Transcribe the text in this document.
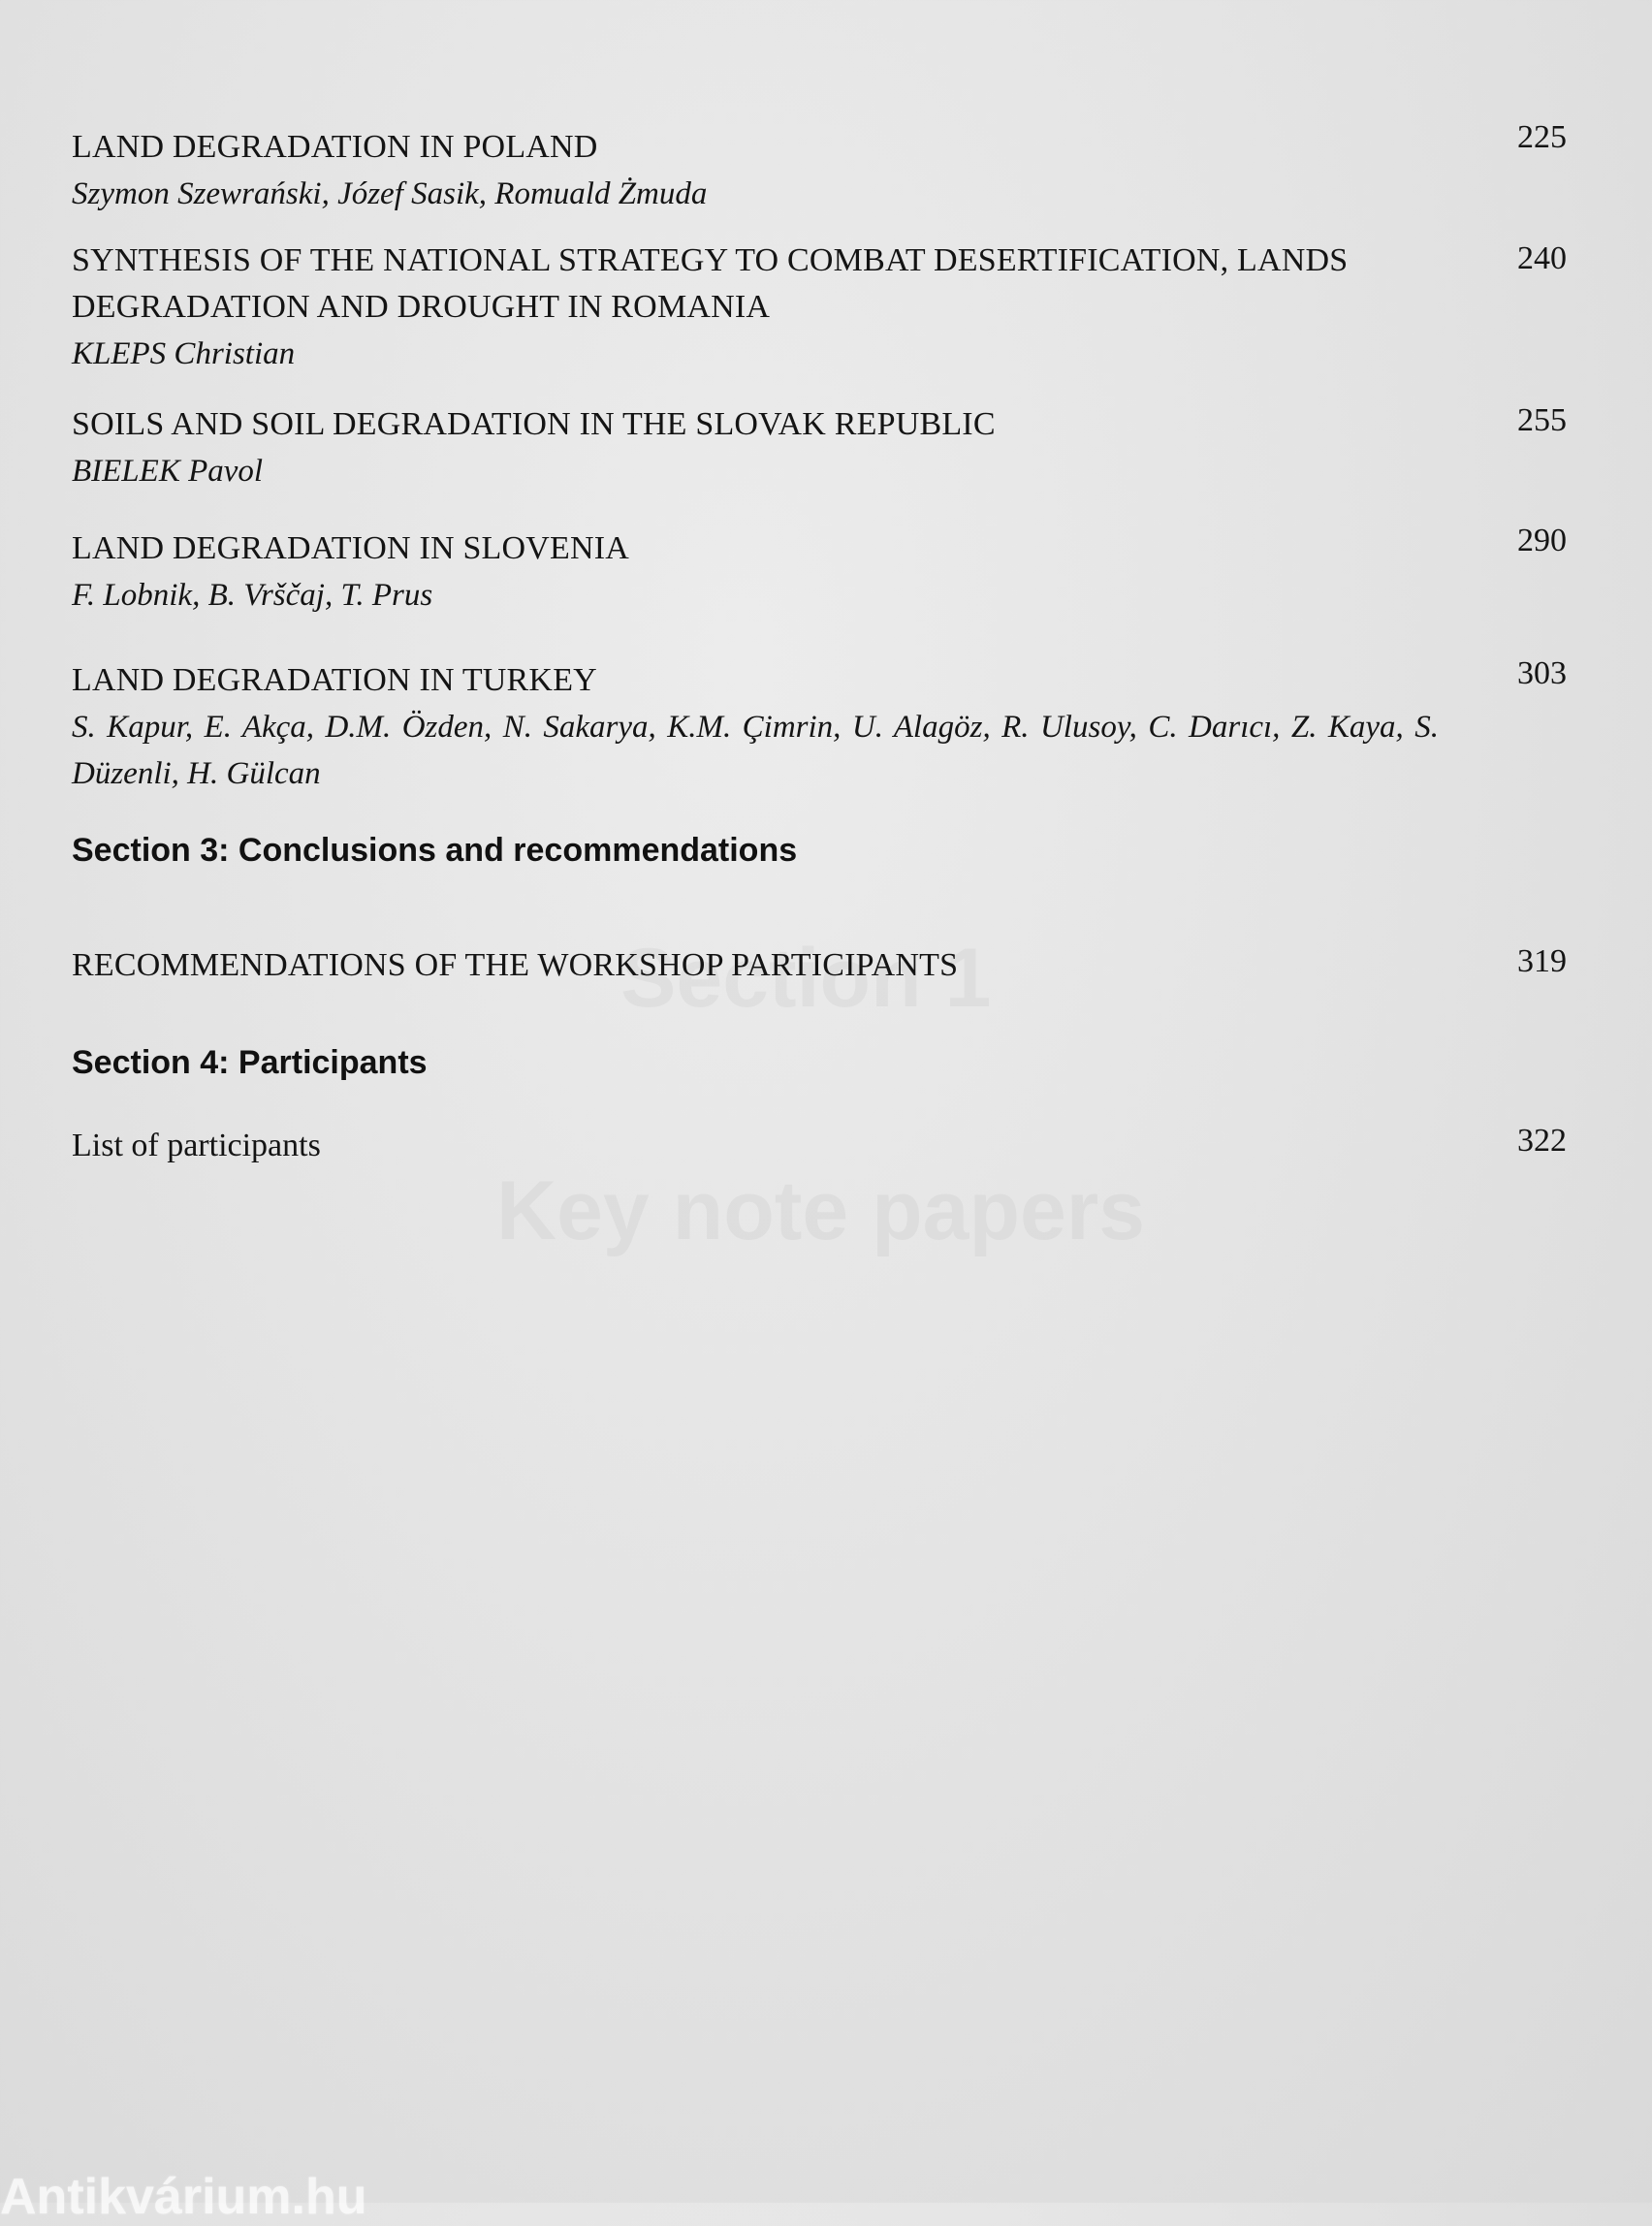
LAND DEGRADATION IN POLAND
Szymon Szewrański, Józef Sasik, Romuald Żmuda
225
SYNTHESIS OF THE NATIONAL STRATEGY TO COMBAT DESERTIFICATION, LANDS DEGRADATION AND DROUGHT IN ROMANIA
KLEPS Christian
240
SOILS AND SOIL DEGRADATION IN THE SLOVAK REPUBLIC
BIELEK Pavol
255
LAND DEGRADATION IN SLOVENIA
F. Lobnik, B. Vrščaj, T. Prus
290
LAND DEGRADATION IN TURKEY
S. Kapur, E. Akça, D.M. Özden, N. Sakarya, K.M. Çimrin, U. Alagöz, R. Ulusoy, C. Darıcı, Z. Kaya, S. Düzenli, H. Gülcan
303
Section 3: Conclusions and recommendations
RECOMMENDATIONS OF THE WORKSHOP PARTICIPANTS	319
Section 4: Participants
List of participants	322
Antikvárium.hu
